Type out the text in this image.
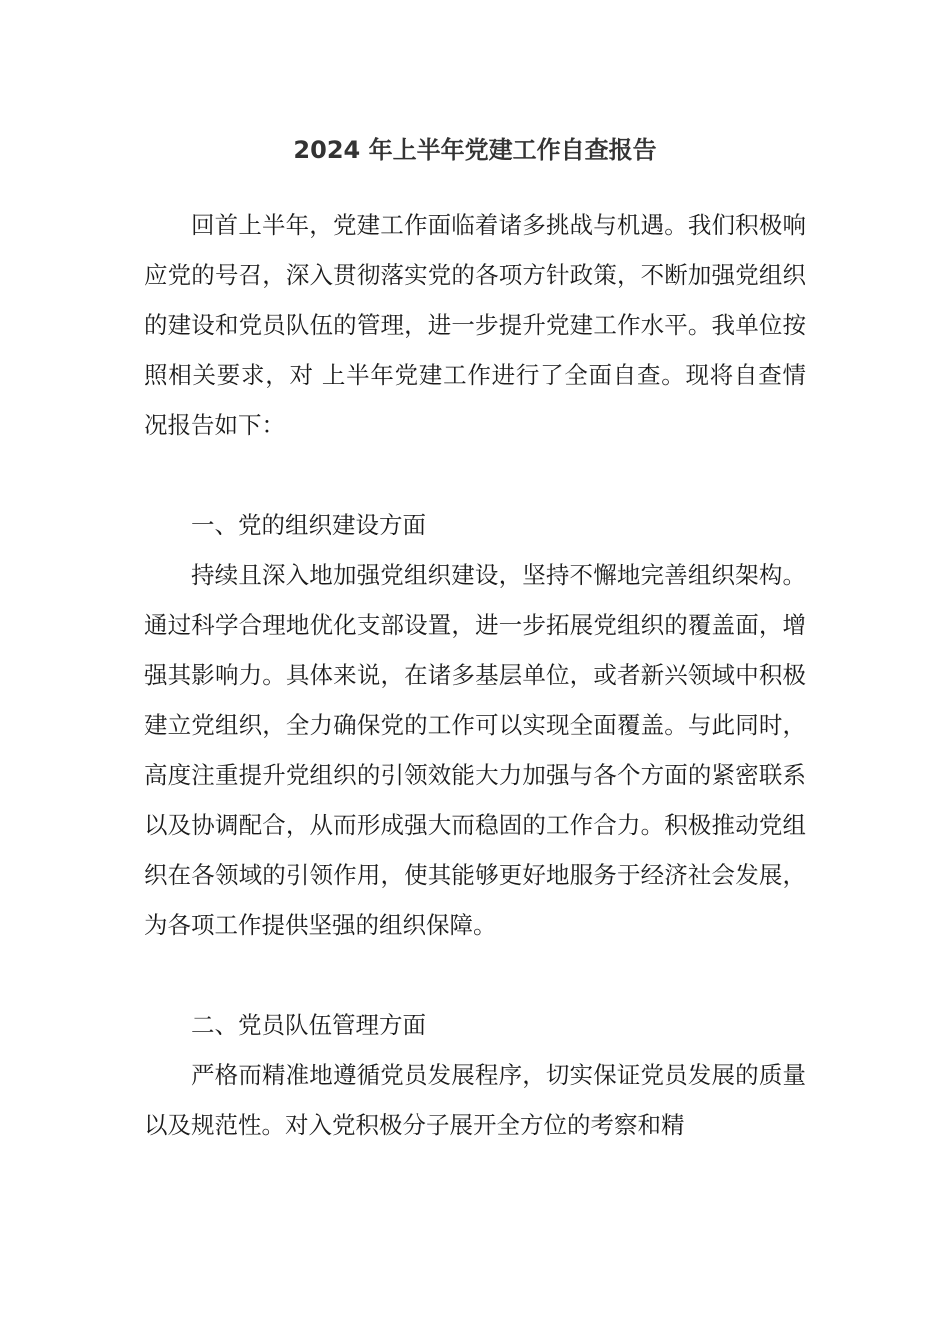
2024 年上半年党建工作自查报告

回首上半年，党建工作面临着诸多挑战与机遇。我们积极响应党的号召，深入贯彻落实党的各项方针政策，不断加强党组织的建设和党员队伍的管理，进一步提升党建工作水平。我单位按照相关要求，对 上半年党建工作进行了全面自查。现将自查情况报告如下：

一、党的组织建设方面

持续且深入地加强党组织建设，坚持不懈地完善组织架构。通过科学合理地优化支部设置，进一步拓展党组织的覆盖面，增强其影响力。具体来说，在诸多基层单位，或者新兴领域中积极建立党组织，全力确保党的工作可以实现全面覆盖。与此同时，高度注重提升党组织的引领效能大力加强与各个方面的紧密联系以及协调配合，从而形成强大而稳固的工作合力。积极推动党组织在各领域的引领作用，使其能够更好地服务于经济社会发展，为各项工作提供坚强的组织保障。

二、党员队伍管理方面

严格而精准地遵循党员发展程序，切实保证党员发展的质量以及规范性。对入党积极分子展开全方位的考察和精
